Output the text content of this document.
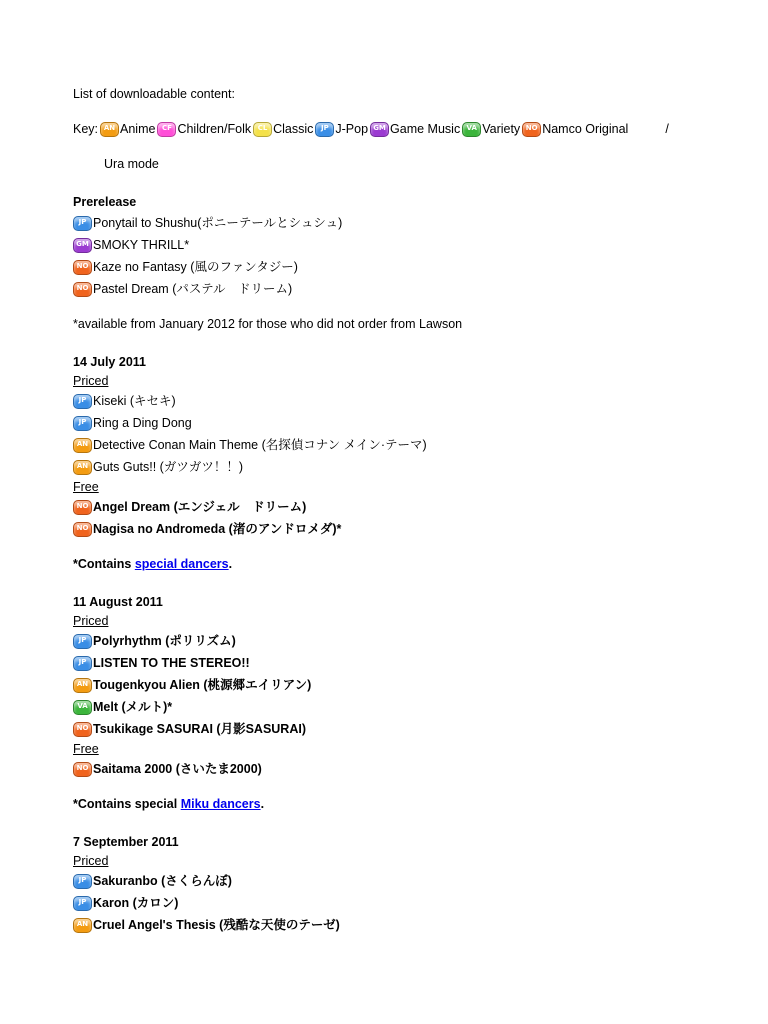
List of downloadable content:
Key: AN Anime CF Children/Folk CL Classic JP J-Pop GM Game Music VA Variety NO Namco Original	/
Ura mode
Prerelease
JP Ponytail to Shushu(ポニーテールとシュシュ)
GM SMOKY THRILL*
NO Kaze no Fantasy (風のファンタジー)
NO Pastel Dream (パステル　ドリーム)
*available from January 2012 for those who did not order from Lawson
14 July 2011
Priced
JP Kiseki (キセキ)
JP Ring a Ding Dong
AN Detective Conan Main Theme (名探偵コナン メイン·テーマ)
AN Guts Guts!! (ガツガツ！！)
Free
NO Angel Dream (エンジェル　ドリーム)
NO Nagisa no Andromeda (渚のアンドロメダ)*
*Contains special dancers.
11 August 2011
Priced
JP Polyrhythm (ポリリズム)
JP LISTEN TO THE STEREO!!
AN Tougenkyou Alien (桃源郷エイリアン)
VA Melt (メルト)*
NO Tsukikage SASURAI (月影SASURAI)
Free
NO Saitama 2000 (さいたま2000)
*Contains special Miku dancers.
7 September 2011
Priced
JP Sakuranbo (さくらんぼ)
JP Karon (カロン)
AN Cruel Angel's Thesis (残酷な天使のテーゼ)
